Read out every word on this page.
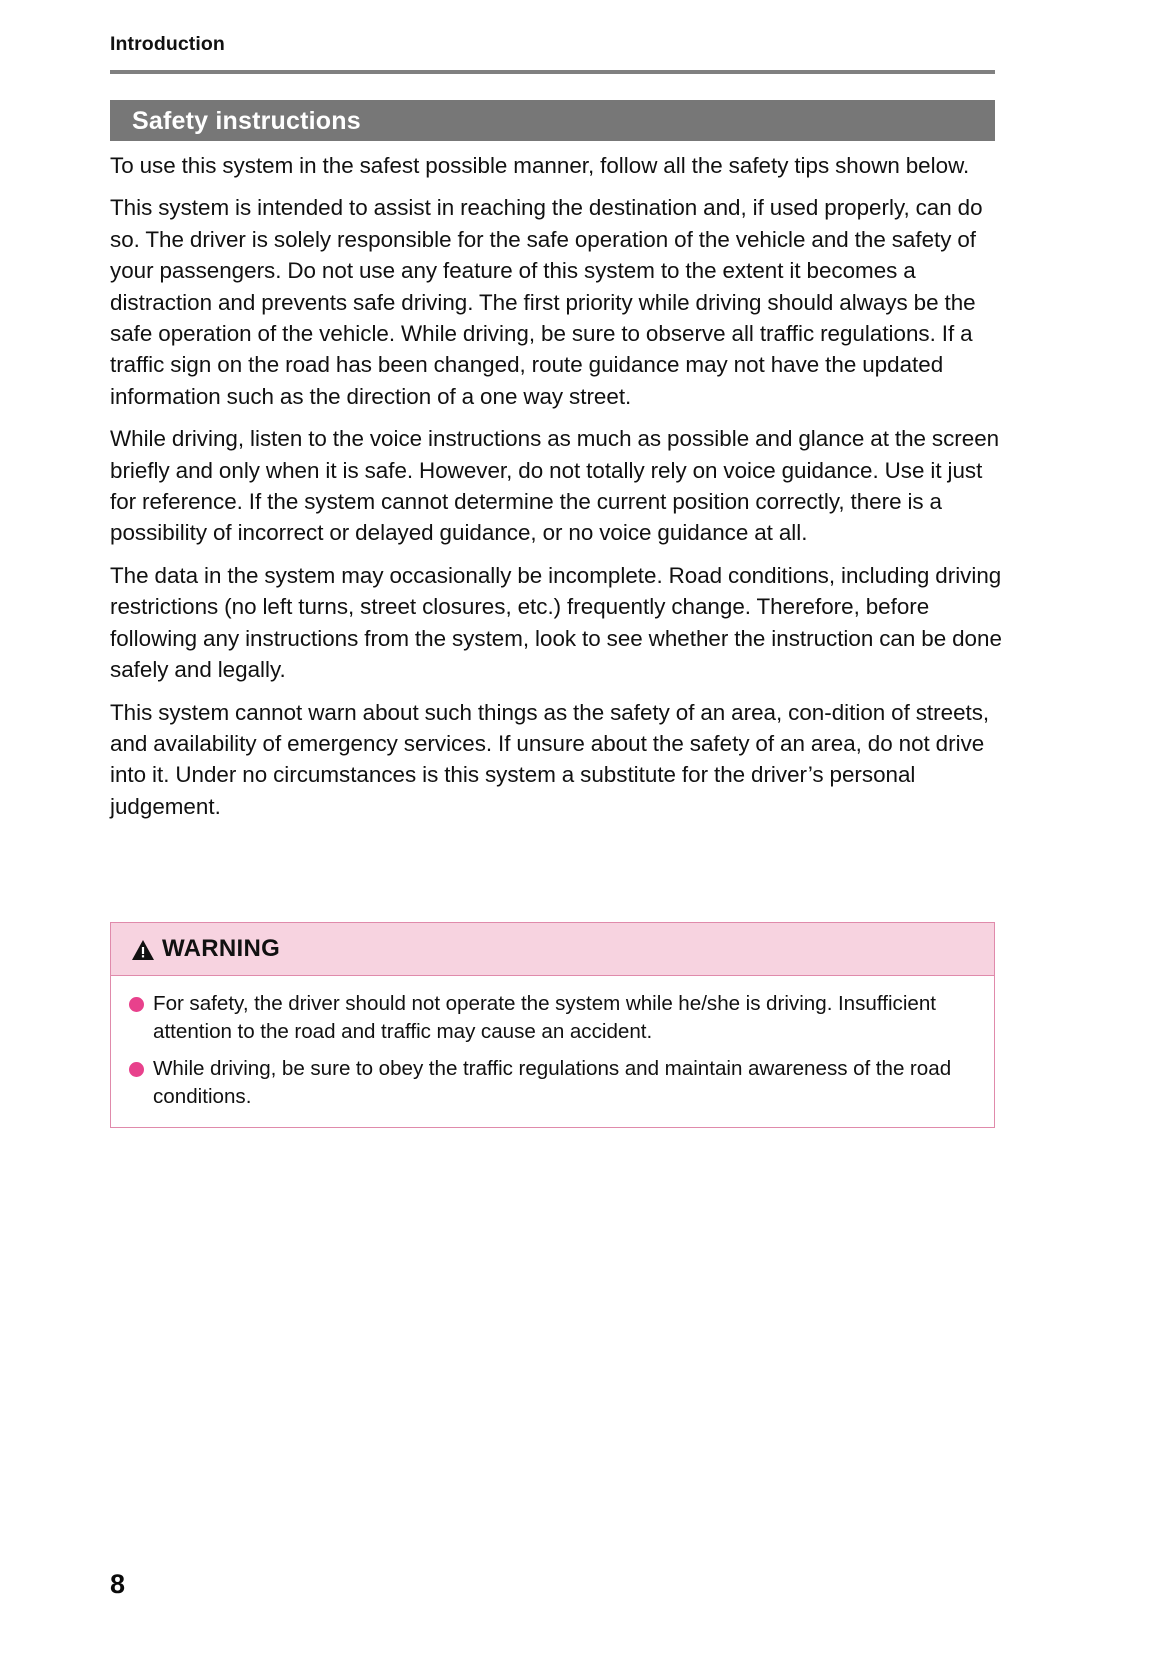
Introduction
Safety instructions

To use this system in the safest possible manner, follow all the safety tips shown below.

This system is intended to assist in reaching the destination and, if used properly, can do so. The driver is solely responsible for the safe operation of the vehicle and the safety of your passengers. Do not use any feature of this system to the extent it becomes a distraction and prevents safe driving. The first priority while driving should always be the safe operation of the vehicle. While driving, be sure to observe all traffic regulations. If a traffic sign on the road has been changed, route guidance may not have the updated information such as the direction of a one way street.

While driving, listen to the voice instructions as much as possible and glance at the screen briefly and only when it is safe. However, do not totally rely on voice guidance. Use it just for reference. If the system cannot determine the current position correctly, there is a possibility of incorrect or delayed guidance, or no voice guidance at all.

The data in the system may occasionally be incomplete. Road conditions, including driving restrictions (no left turns, street closures, etc.) frequently change. Therefore, before following any instructions from the system, look to see whether the instruction can be done safely and legally.

This system cannot warn about such things as the safety of an area, con-dition of streets, and availability of emergency services. If unsure about the safety of an area, do not drive into it. Under no circumstances is this system a substitute for the driver’s personal judgement.

WARNING
For safety, the driver should not operate the system while he/she is driving. Insufficient attention to the road and traffic may cause an accident.
While driving, be sure to obey the traffic regulations and maintain awareness of the road conditions.
8
